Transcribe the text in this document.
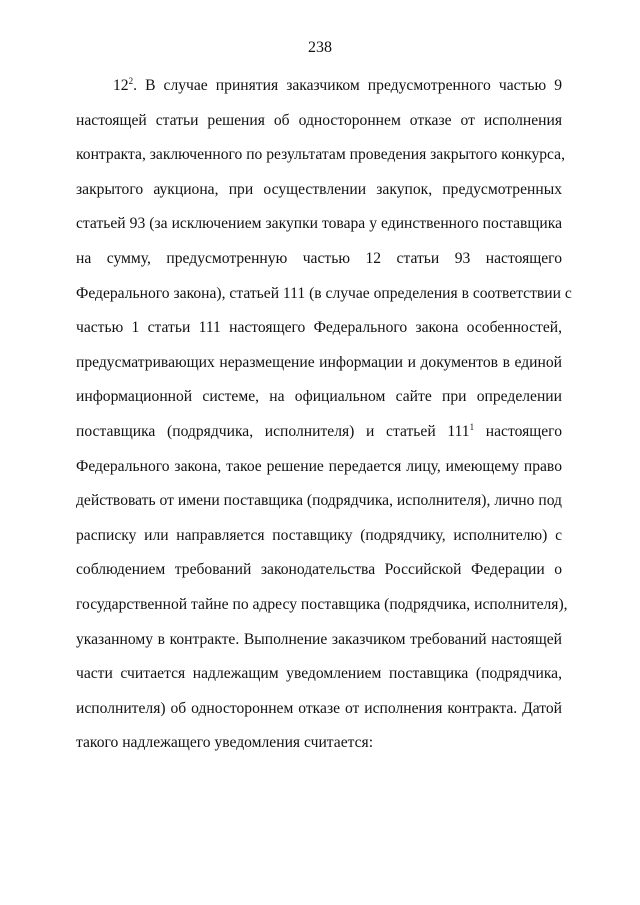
238
$12^2$. В случае принятия заказчиком предусмотренного частью 9
настоящей статьи решения об одностороннем отказе от исполнения
контракта, заключенного по результатам проведения закрытого конкурса,
закрытого аукциона, при осуществлении закупок, предусмотренных
статьей 93 (за исключением закупки товара у единственного поставщика
на сумму, предусмотренную частью 12 статьи 93 настоящего
Федерального закона), статьей 111 (в случае определения в соответствии с
частью 1 статьи 111 настоящего Федерального закона особенностей,
предусматривающих неразмещение информации и документов в единой
информационной системе, на официальном сайте при определении
поставщика (подрядчика, исполнителя) и статьей $111^1$ настоящего
Федерального закона, такое решение передается лицу, имеющему право
действовать от имени поставщика (подрядчика, исполнителя), лично под
расписку или направляется поставщику (подрядчику, исполнителю) с
соблюдением требований законодательства Российской Федерации о
государственной тайне по адресу поставщика (подрядчика, исполнителя),
указанному в контракте. Выполнение заказчиком требований настоящей
части считается надлежащим уведомлением поставщика (подрядчика,
исполнителя) об одностороннем отказе от исполнения контракта. Датой
такого надлежащего уведомления считается:
